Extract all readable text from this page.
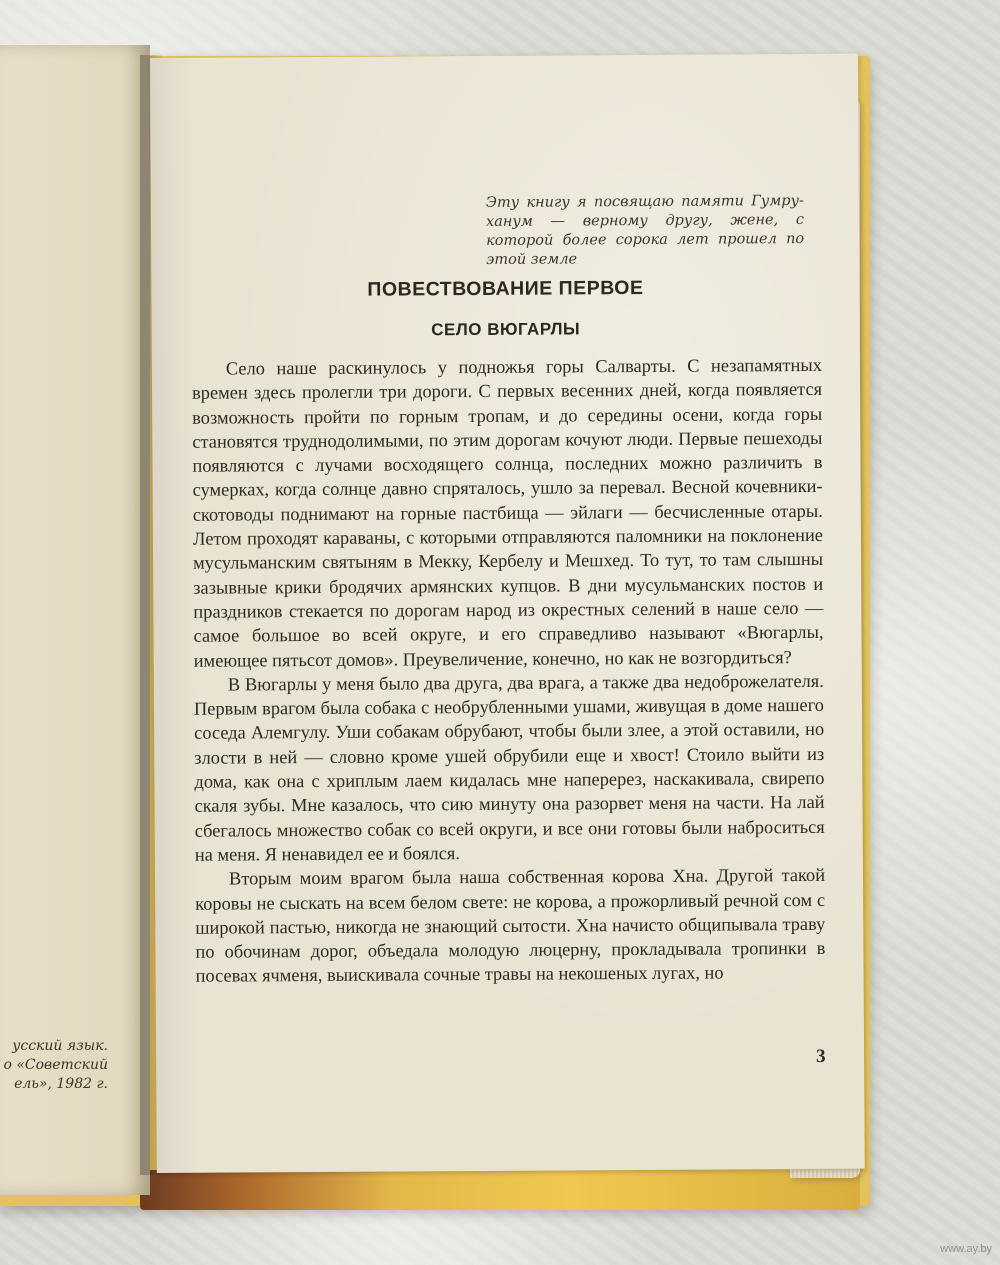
усский язык.
о «Советский
ель», 1982 г.
Эту книгу я посвящаю памяти Гумру-ханум — верному другу, жене, с которой более сорока лет прошел по этой земле
ПОВЕСТВОВАНИЕ ПЕРВОЕ
СЕЛО ВЮГАРЛЫ

Село наше раскинулось у подножья горы Салварты. С незапамятных времен здесь пролегли три дороги. С первых весенних дней, когда появляется возможность пройти по горным тропам, и до середины осени, когда горы становятся труднодолимыми, по этим дорогам кочуют люди. Первые пешеходы появляются с лучами восходящего солнца, последних можно различить в сумерках, когда солнце давно спряталось, ушло за перевал. Весной кочевники-скотоводы поднимают на горные пастбища — эйлаги — бесчисленные отары. Летом проходят караваны, с которыми отправляются паломники на поклонение мусульманским святыням в Мекку, Кербелу и Мешхед. То тут, то там слышны зазывные крики бродячих армянских купцов. В дни мусульманских постов и праздников стекается по дорогам народ из окрестных селений в наше село — самое большое во всей округе, и его справедливо называют «Вюгарлы, имеющее пятьсот домов». Преувеличение, конечно, но как не возгордиться?

В Вюгарлы у меня было два друга, два врага, а также два недоброжелателя. Первым врагом была собака с необрубленными ушами, живущая в доме нашего соседа Алемгулу. Уши собакам обрубают, чтобы были злее, а этой оставили, но злости в ней — словно кроме ушей обрубили еще и хвост! Стоило выйти из дома, как она с хриплым лаем кидалась мне наперерез, наскакивала, свирепо скаля зубы. Мне казалось, что сию минуту она разорвет меня на части. На лай сбегалось множество собак со всей округи, и все они готовы были наброситься на меня. Я ненавидел ее и боялся.

Вторым моим врагом была наша собственная корова Хна. Другой такой коровы не сыскать на всем белом свете: не корова, а прожорливый речной сом с широкой пастью, никогда не знающий сытости. Хна начисто общипывала траву по обочинам дорог, объедала молодую люцерну, прокладывала тропинки в посевах ячменя, выискивала сочные травы на некошеных лугах, но

3
www.ay.by
